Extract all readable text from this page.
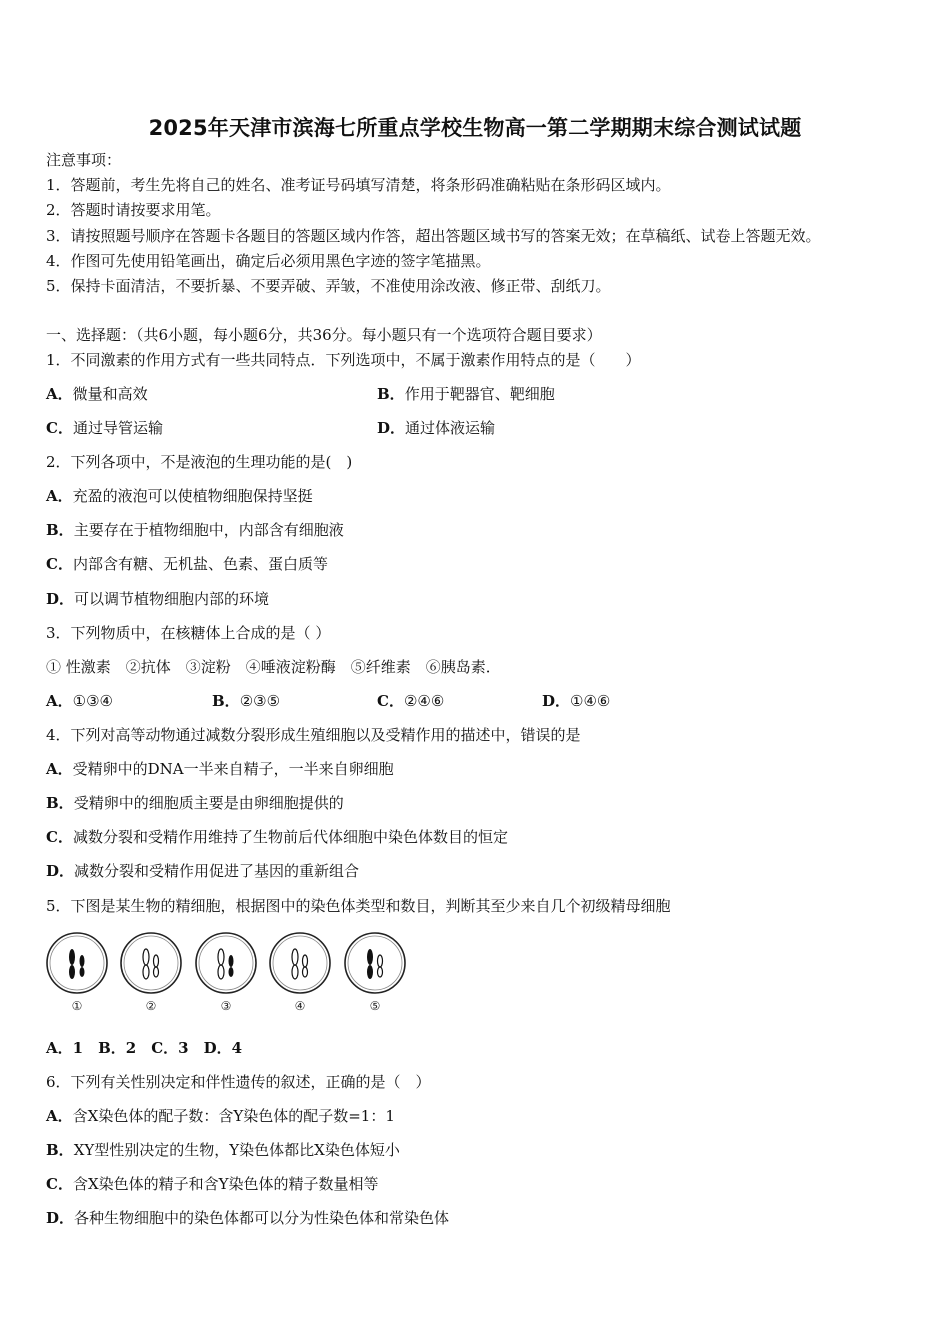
2025年天津市滨海七所重点学校生物高一第二学期期末综合测试试题
注意事项：
1．答题前，考生先将自己的姓名、准考证号码填写清楚，将条形码准确粘贴在条形码区域内。
2．答题时请按要求用笔。
3．请按照题号顺序在答题卡各题目的答题区域内作答，超出答题区域书写的答案无效；在草稿纸、试卷上答题无效。
4．作图可先使用铅笔画出，确定后必须用黑色字迹的签字笔描黑。
5．保持卡面清洁，不要折暴、不要弄破、弄皱，不准使用涂改液、修正带、刮纸刀。
一、选择题：（共6小题，每小题6分，共36分。每小题只有一个选项符合题目要求）
1．不同激素的作用方式有一些共同特点．下列选项中，不属于激素作用特点的是（　　）
A．微量和高效	B．作用于靶器官、靶细胞
C．通过导管运输	D．通过体液运输
2．下列各项中，不是液泡的生理功能的是(　)
A．充盈的液泡可以使植物细胞保持坚挺
B．主要存在于植物细胞中，内部含有细胞液
C．内部含有糖、无机盐、色素、蛋白质等
D．可以调节植物细胞内部的环境
3．下列物质中，在核糖体上合成的是（ ）
① 性激素　②抗体　③淀粉　④唾液淀粉酶　⑤纤维素　⑥胰岛素．
A．①③④	B．②③⑤	C．②④⑥	D．①④⑥
4．下列对高等动物通过减数分裂形成生殖细胞以及受精作用的描述中，错误的是
A．受精卵中的DNA一半来自精子，一半来自卵细胞
B．受精卵中的细胞质主要是由卵细胞提供的
C．减数分裂和受精作用维持了生物前后代体细胞中染色体数目的恒定
D．减数分裂和受精作用促进了基因的重新组合
5．下图是某生物的精细胞，根据图中的染色体类型和数目，判断其至少来自几个初级精母细胞
①	②	③	④	⑤
A．1　B．2　C．3　D．4
6．下列有关性别决定和伴性遗传的叙述，正确的是（　）
A．含X染色体的配子数：含Y染色体的配子数=1：1
B．XY型性别决定的生物，Y染色体都比X染色体短小
C．含X染色体的精子和含Y染色体的精子数量相等
D．各种生物细胞中的染色体都可以分为性染色体和常染色体
